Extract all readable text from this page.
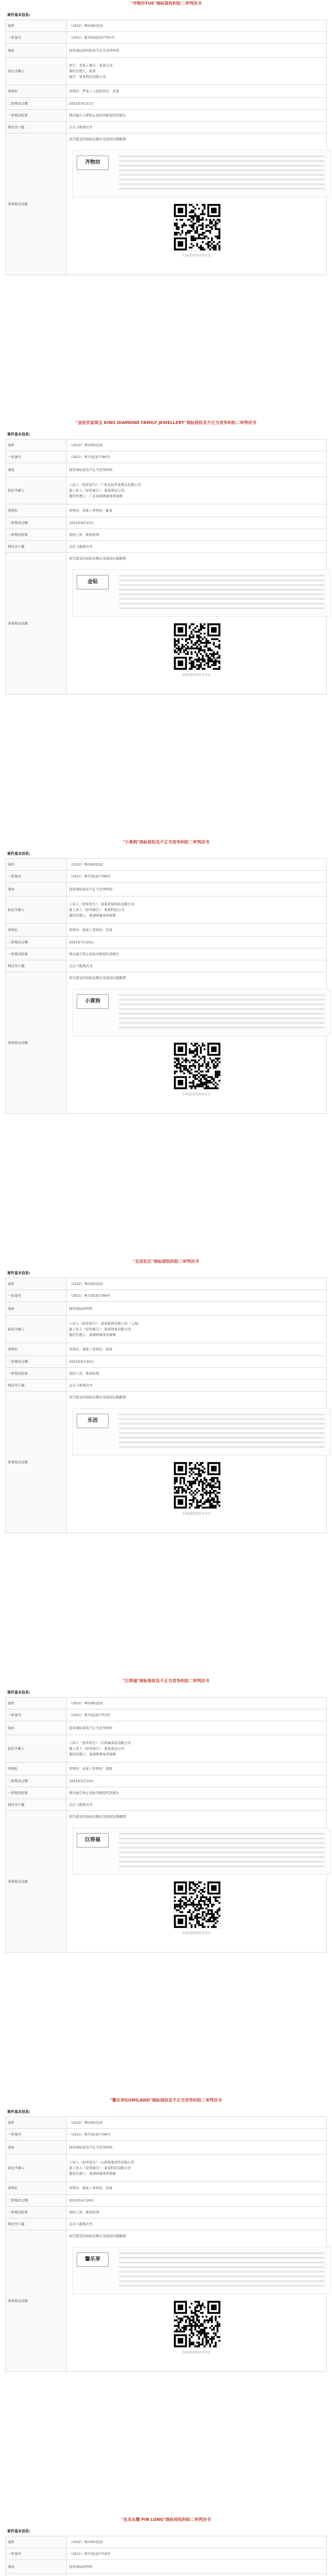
"齐物坊YUE"商标侵权纠纷二审判决书
案件基本信息:
案件	（2022）粤0391民初
一审案号	（2021）浙7002民初7791号
案由	侵害商标权纠纷及不正当竞争纠纷
诉讼当事人	原告：李某 / 被告：某某公司
委托代理人：张某
被告：某某科技有限公司

审判长	审判员：罗某 / 人民陪审员：黄某
二审判决日期	2022年9月22日
一审判决结果	判决被告立即停止侵权并赔偿经济损失
判决书下载	点击下载判决书
涉案相关证据	原告提交的商标注册证及侵权证据截图
齐物坊
扫码查看判决书全文
"金钻世家珠宝 KING DIAMOND FAMILY JEWELLERY"商标侵权及不正当竞争纠纷二审判决书
案件基本信息:
案件	（2022）粤0391民初
一审案号	（2021）粤73民初7785号
案由	侵害商标权及不正当竞争纠纷
诉讼当事人	上诉人（原审原告）：广州金钻世家珠宝有限公司
被上诉人（原审被告）：某某珠宝公司
委托代理人：广东某律师事务所律师

审判长	审判员：刘某 / 审判员：陈某
二审判决日期	2022年8月15日
一审判决结果	驳回上诉，维持原判
判决书下载	点击下载判决书
涉案相关证据	原告提交的商标注册证及侵权证据截图
金钻
扫码查看判决书全文
"小黄狗"商标侵权及不正当竞争纠纷二审判决书
案件基本信息:
案件	（2022）粤0391民初
一审案号	（2021）粤73民初7798号
案由	侵害商标权及不正当竞争纠纷
诉讼当事人	上诉人（原审原告）：某某环保科技有限公司
被上诉人（原审被告）：某某科技公司
委托代理人：某律师事务所律师

审判长	审判员：杨某 / 审判员：吴某
二审判决日期	2022年7月26日
一审判决结果	判决被告停止侵权并赔偿经济损失
判决书下载	点击下载判决书
涉案相关证据	原告提交的商标注册证及侵权证据截图
小黄狗
扫码查看判决书全文
"乐活社区"商标侵权纠纷二审判决书
案件基本信息:
案件	（2022）粤0391民初
一审案号	（2021）粤73民初7789号
案由	侵害商标权纠纷
诉讼当事人	上诉人（原审原告）：某某集团有限公司（上海）
被上诉人（原审被告）：某某贸易有限公司
委托代理人：某律师事务所律师

审判长	审判员：周某 / 审判员：徐某
二审判决日期	2022年6月30日
一审判决结果	驳回上诉，维持原判
判决书下载	点击下载判决书
涉案相关证据	原告提交的商标注册证及侵权证据截图
乐活
扫码查看判决书全文
"巨将福"商标侵权及不正当竞争纠纷二审判决书
案件基本信息:
案件	（2022）粤0391民初
一审案号	（2021）粤73民初7753号
案由	侵害商标权及不正当竞争纠纷
诉讼当事人	上诉人（原审原告）：巨将福食品有限公司
被上诉人（原审被告）：某某食品公司
委托代理人：某律师事务所律师

审判长	审判员：孙某 / 审判员：胡某
二审判决日期	2022年5月19日
一审判决结果	判决被告停止侵权并赔偿经济损失
判决书下载	点击下载判决书
涉案相关证据	原告提交的商标注册证及侵权证据截图
巨将福
扫码查看判决书全文
"馨乐享GOMILAND"商标侵权及不正当竞争纠纷二审判决书
案件基本信息:
案件	（2022）粤0391民初
一审案号	（2021）粤73民初7748号
案由	侵害商标权及不正当竞争纠纷
诉讼当事人	上诉人（原审原告）：山西某某商贸有限公司
被上诉人（原审被告）：某某科技有限公司
委托代理人：某律师事务所律师

审判长	审判员：郑某 / 审判员：何某
二审判决日期	2022年4月28日
一审判决结果	驳回上诉，维持原判
判决书下载	点击下载判决书
涉案相关证据	原告提交的商标注册证及侵权证据截图
馨乐享
扫码查看判决书全文
"名龙永耀 PIN LONG"商标侵权纠纷二审判决书
案件基本信息:
案件	（2022）粤0391民初
一审案号	（2021）粤73民初7719号
案由	侵害商标权纠纷
